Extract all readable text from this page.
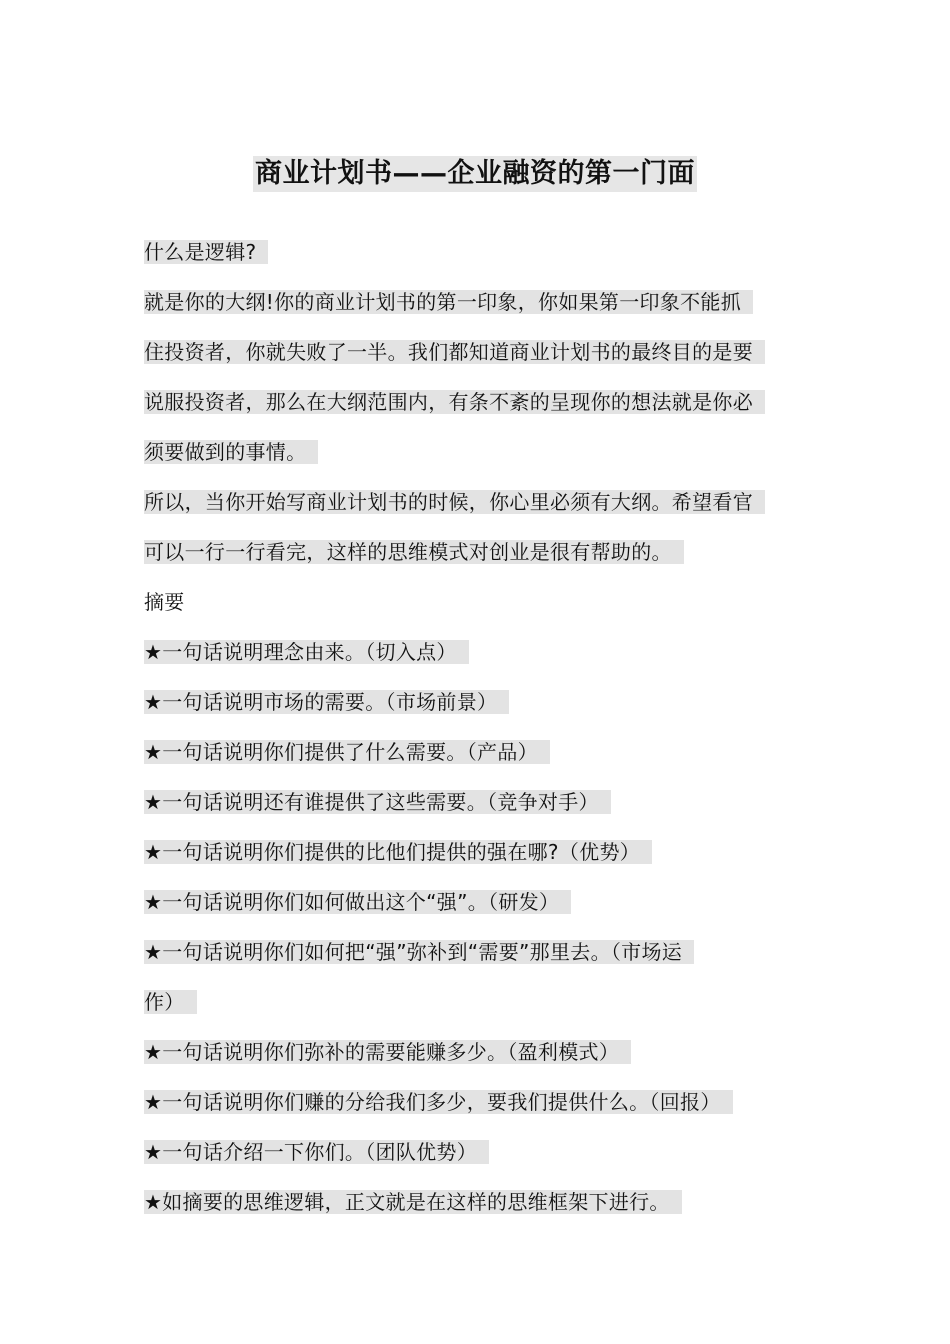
商业计划书——企业融资的第一门面
什么是逻辑?
就是你的大纲!你的商业计划书的第一印象，你如果第一印象不能抓
住投资者，你就失败了一半。我们都知道商业计划书的最终目的是要
说服投资者，那么在大纲范围内，有条不紊的呈现你的想法就是你必
须要做到的事情。
所以，当你开始写商业计划书的时候，你心里必须有大纲。希望看官
可以一行一行看完，这样的思维模式对创业是很有帮助的。
摘要
★一句话说明理念由来。（切入点）
★一句话说明市场的需要。（市场前景）
★一句话说明你们提供了什么需要。（产品）
★一句话说明还有谁提供了这些需要。（竞争对手）
★一句话说明你们提供的比他们提供的强在哪?（优势）
★一句话说明你们如何做出这个“强”。（研发）
★一句话说明你们如何把“强”弥补到“需要”那里去。（市场运
作）
★一句话说明你们弥补的需要能赚多少。（盈利模式）
★一句话说明你们赚的分给我们多少，要我们提供什么。（回报）
★一句话介绍一下你们。（团队优势）
★如摘要的思维逻辑，正文就是在这样的思维框架下进行。
